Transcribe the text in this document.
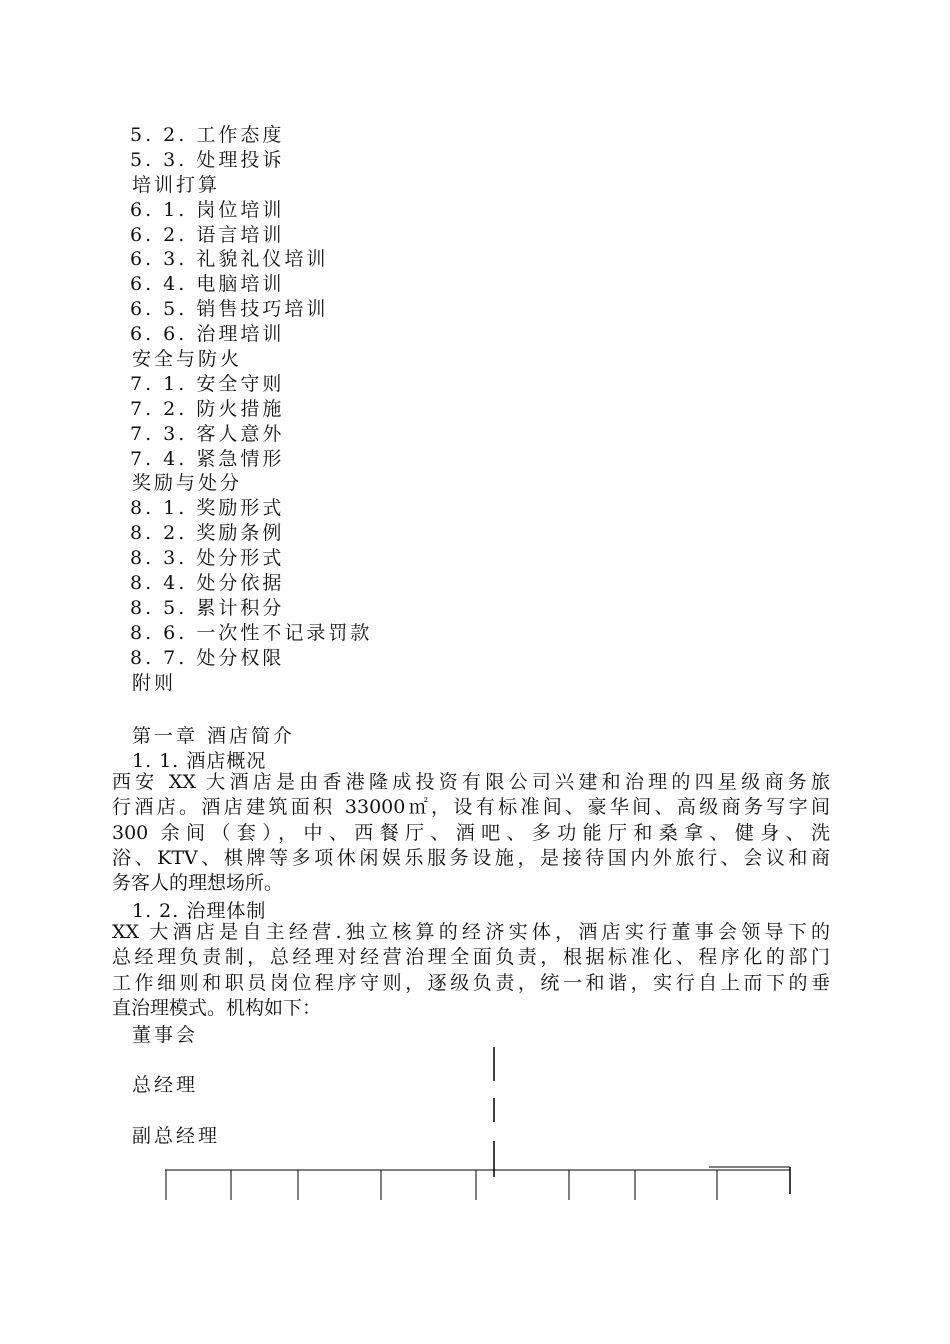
5. 2. 工作态度
5. 3. 处理投诉
培训打算
6. 1. 岗位培训
6. 2. 语言培训
6. 3. 礼貌礼仪培训
6. 4. 电脑培训
6. 5. 销售技巧培训
6. 6. 治理培训
安全与防火
7. 1. 安全守则
7. 2. 防火措施
7. 3. 客人意外
7. 4. 紧急情形
奖励与处分
8. 1. 奖励形式
8. 2. 奖励条例
8. 3. 处分形式
8. 4. 处分依据
8. 5. 累计积分
8. 6. 一次性不记录罚款
8. 7. 处分权限
附则
第一章 酒店简介
1. 1. 酒店概况
西安 XX 大酒店是由香港隆成投资有限公司兴建和治理的四星级商务旅
行酒店。酒店建筑面积 33000㎡，设有标准间、豪华间、高级商务写字间
300 余间（套），中、西餐厅、酒吧、多功能厅和桑拿、健身、洗
浴、KTV、棋牌等多项休闲娱乐服务设施，是接待国内外旅行、会议和商
务客人的理想场所。
1. 2. 治理体制
XX 大酒店是自主经营.独立核算的经济实体，酒店实行董事会领导下的
总经理负责制，总经理对经营治理全面负责，根据标准化、程序化的部门
工作细则和职员岗位程序守则，逐级负责，统一和谐，实行自上而下的垂
直治理模式。机构如下：
董事会
总经理
副总经理
